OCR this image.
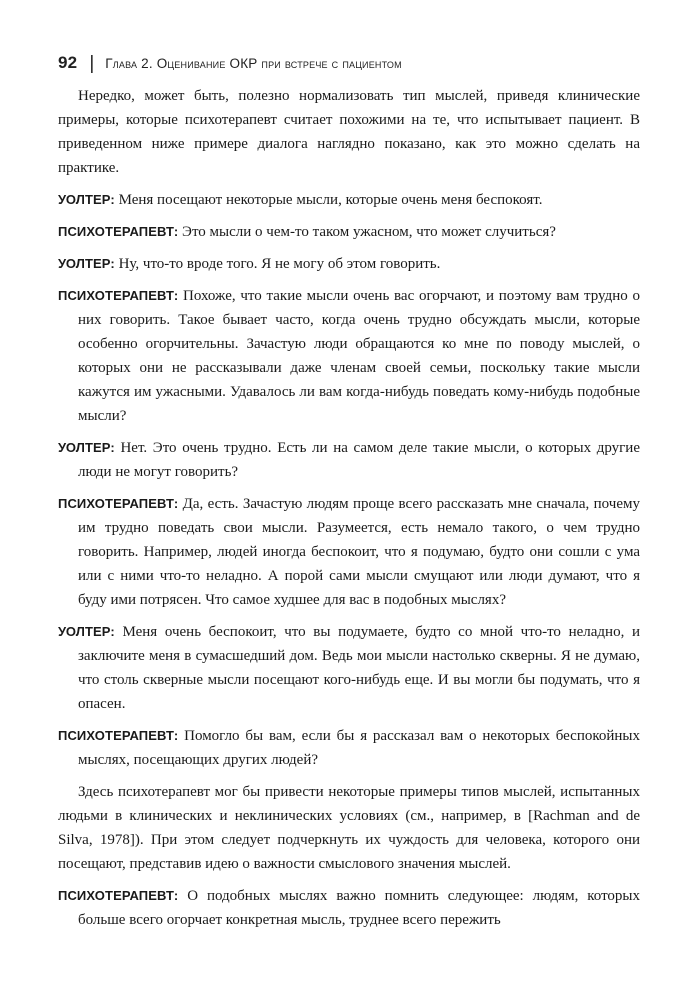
92 | Глава 2. Оценивание ОКР при встрече с пациентом

Нередко, может быть, полезно нормализовать тип мыслей, приведя клинические примеры, которые психотерапевт считает похожими на те, что испытывает пациент. В приведенном ниже примере диалога наглядно показано, как это можно сделать на практике.

УОЛТЕР: Меня посещают некоторые мысли, которые очень меня беспокоят.

ПСИХОТЕРАПЕВТ: Это мысли о чем-то таком ужасном, что может случиться?

УОЛТЕР: Ну, что-то вроде того. Я не могу об этом говорить.

ПСИХОТЕРАПЕВТ: Похоже, что такие мысли очень вас огорчают, и поэтому вам трудно о них говорить. Такое бывает часто, когда очень трудно обсуждать мысли, которые особенно огорчительны. Зачастую люди обращаются ко мне по поводу мыслей, о которых они не рассказывали даже членам своей семьи, поскольку такие мысли кажутся им ужасными. Удавалось ли вам когда-нибудь поведать кому-нибудь подобные мысли?

УОЛТЕР: Нет. Это очень трудно. Есть ли на самом деле такие мысли, о которых другие люди не могут говорить?

ПСИХОТЕРАПЕВТ: Да, есть. Зачастую людям проще всего рассказать мне сначала, почему им трудно поведать свои мысли. Разумеется, есть немало такого, о чем трудно говорить. Например, людей иногда беспокоит, что я подумаю, будто они сошли с ума или с ними что-то неладно. А порой сами мысли смущают или люди думают, что я буду ими потрясен. Что самое худшее для вас в подобных мыслях?

УОЛТЕР: Меня очень беспокоит, что вы подумаете, будто со мной что-то неладно, и заключите меня в сумасшедший дом. Ведь мои мысли настолько скверны. Я не думаю, что столь скверные мысли посещают кого-нибудь еще. И вы могли бы подумать, что я опасен.

ПСИХОТЕРАПЕВТ: Помогло бы вам, если бы я рассказал вам о некоторых беспокойных мыслях, посещающих других людей?

Здесь психотерапевт мог бы привести некоторые примеры типов мыслей, испытанных людьми в клинических и неклинических условиях (см., например, в [Rachman and de Silva, 1978]). При этом следует подчеркнуть их чуждость для человека, которого они посещают, представив идею о важности смыслового значения мыслей.

ПСИХОТЕРАПЕВТ: О подобных мыслях важно помнить следующее: людям, которых больше всего огорчает конкретная мысль, труднее всего пережить
